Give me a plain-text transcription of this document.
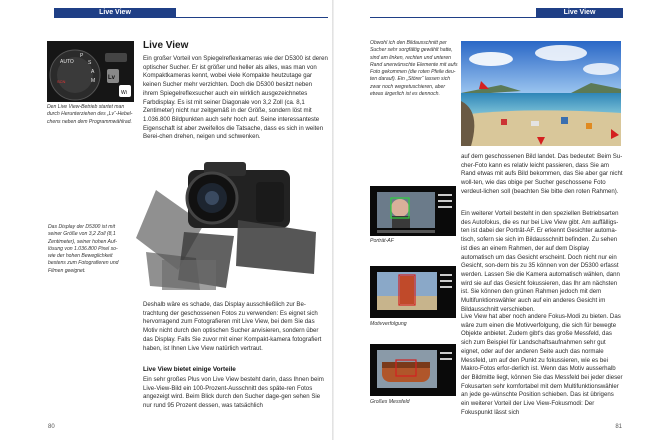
Live View
AUTO
P
S
A
M
SCN
Lv
Wi

Den Live View-Betrieb startet man durch Herunterziehen des „Lv“-Hebel-chens neben dem Programmwählrad.

Live View

Ein großer Vorteil von Spiegelreflexkameras wie der D5300 ist deren optischer Sucher. Er ist größer und heller als alles, was man von Kompaktkameras kennt, wobei viele Kompakte heutzutage gar keinen Sucher mehr verzichten. Doch die D5300 besitzt neben ihrem Spiegelreflexsucher auch ein wirklich ausgezeichnetes Farbdisplay. Es ist mit seiner Diagonale von 3,2 Zoll (ca. 8,1 Zentimeter) nicht nur zeitgemäß in der Größe, sondern löst mit 1.036.800 Bildpunkten auch sehr hoch auf. Seine interessanteste Eigenschaft ist aber zweifellos die Tatsache, dass es sich in weiten Berei-chen drehen, neigen und schwenken.

Das Display der D5300 ist mit seiner Größe von 3,2 Zoll (8,1 Zentimeter), seiner hohen Auf-lösung von 1.036.800 Pixel so-wie der hohen Beweglichkeit bestens zum Fotografieren und Filmen geeignet.

Deshalb wäre es schade, das Display ausschließlich zur Be-trachtung der geschossenen Fotos zu verwenden: Es eignet sich hervorragend zum Fotografieren mit Live View, bei dem Sie das Motiv nicht durch den optischen Sucher anvisieren, sondern über das Display. Falls Sie zuvor mit einer Kompakt-kamera fotografiert haben, ist Ihnen Live View natürlich vertraut.

Live View bietet einige Vorteile

Ein sehr großes Plus von Live View besteht darin, dass Ihnen beim Live-View-Bild ein 100-Prozent-Ausschnitt des späte-ren Fotos angezeigt wird. Beim Blick durch den Sucher dage-gen sehen Sie nur rund 95 Prozent dessen, was tatsächlich

80
Live View

Obwohl ich den Bildausschnitt per Sucher sehr sorgfältig gewählt hatte, sind am linken, rechten und unteren Rand unerwünschte Elemente mit aufs Foto gekommen (die roten Pfeile deu-ten darauf). Ein „Störer“ lassen sich zwar noch wegretuschieren, aber etwas ärgerlich ist es dennoch.

auf dem geschossenen Bild landet. Das bedeutet: Beim Su-cher-Foto kann es relativ leicht passieren, dass Sie am Rand etwas mit aufs Bild bekommen, das Sie aber gar nicht woll-ten, wie das obige per Sucher geschossene Foto verdeut-lichen soll (beachten Sie bitte den roten Rahmen).

Porträt-AF
Motivverfolgung
Großes Messfeld

Ein weiterer Vorteil besteht in den speziellen Betriebsarten des Autofokus, die es nur bei Live View gibt. Am auffälligs-ten ist dabei der Porträt-AF. Er erkennt Gesichter automa-tisch, sofern sie sich im Bildausschnitt befinden. Zu sehen ist dies an einem Rahmen, der auf dem Display automatisch um das Gesicht erscheint. Doch nicht nur ein Gesicht, son-dern bis zu 35 können von der D5300 erfasst werden. Lassen Sie die Kamera automatisch wählen, dann wird sie auf das Gesicht fokussieren, das Ihr am nächsten ist. Sie können den grünen Rahmen jedoch mit dem Multifunktionswähler auch auf ein anderes Gesicht im Bildausschnitt verschieben.

Live View hat aber noch andere Fokus-Modi zu bieten. Das wäre zum einen die Motivverfolgung, die sich für bewegte Objekte anbietet. Zudem gibt's das große Messfeld, das sich zum Beispiel für Landschaftsaufnahmen sehr gut eignet, oder auf der anderen Seite auch das normale Messfeld, um auf den Punkt zu fokussieren, wie es bei Makro-Fotos erfor-derlich ist. Wenn das Motiv ausserhalb der Bildmitte liegt, können Sie das Messfeld bei jeder dieser Fokusarten sehr komfortabel mit dem Multifunktionswähler an jede ge-wünschte Position schieben. Das ist übrigens ein weiterer Vorteil der Live View-Fokusmodi: Der Fokuspunkt lässt sich

81
